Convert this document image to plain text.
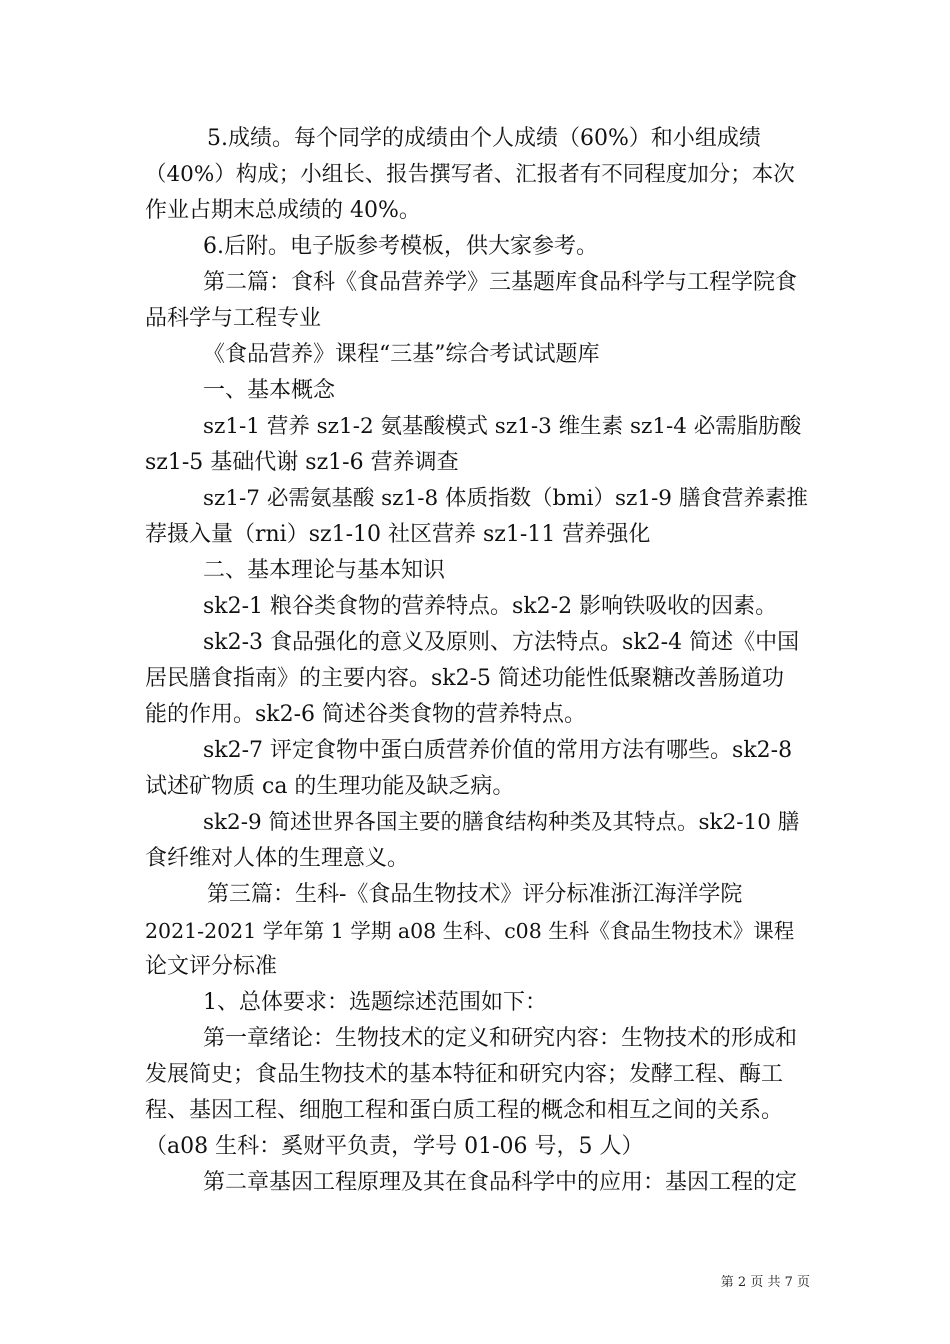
5.成绩。每个同学的成绩由个人成绩（60%）和小组成绩
（40%）构成；小组长、报告撰写者、汇报者有不同程度加分；本次
作业占期末总成绩的 40%。
6.后附。电子版参考模板，供大家参考。
第二篇：食科《食品营养学》三基题库食品科学与工程学院食
品科学与工程专业
《食品营养》课程“三基”综合考试试题库
一、基本概念
sz1-1 营养 sz1-2 氨基酸模式 sz1-3 维生素 sz1-4 必需脂肪酸
sz1-5 基础代谢 sz1-6 营养调查
sz1-7 必需氨基酸 sz1-8 体质指数（bmi）sz1-9 膳食营养素推
荐摄入量（rni）sz1-10 社区营养 sz1-11 营养强化
二、基本理论与基本知识
sk2-1 粮谷类食物的营养特点。sk2-2 影响铁吸收的因素。
sk2-3 食品强化的意义及原则、方法特点。sk2-4 简述《中国
居民膳食指南》的主要内容。sk2-5 简述功能性低聚糖改善肠道功
能的作用。sk2-6 简述谷类食物的营养特点。
sk2-7 评定食物中蛋白质营养价值的常用方法有哪些。sk2-8
试述矿物质 ca 的生理功能及缺乏病。
sk2-9 简述世界各国主要的膳食结构种类及其特点。sk2-10 膳
食纤维对人体的生理意义。
第三篇：生科-《食品生物技术》评分标准浙江海洋学院
2021-2021 学年第 1 学期 a08 生科、c08 生科《食品生物技术》课程
论文评分标准
1、总体要求：选题综述范围如下：
第一章绪论：生物技术的定义和研究内容：生物技术的形成和
发展简史；食品生物技术的基本特征和研究内容；发酵工程、酶工
程、基因工程、细胞工程和蛋白质工程的概念和相互之间的关系。
（a08 生科：奚财平负责，学号 01-06 号，5 人）
第二章基因工程原理及其在食品科学中的应用：基因工程的定
第 2 页 共 7 页
